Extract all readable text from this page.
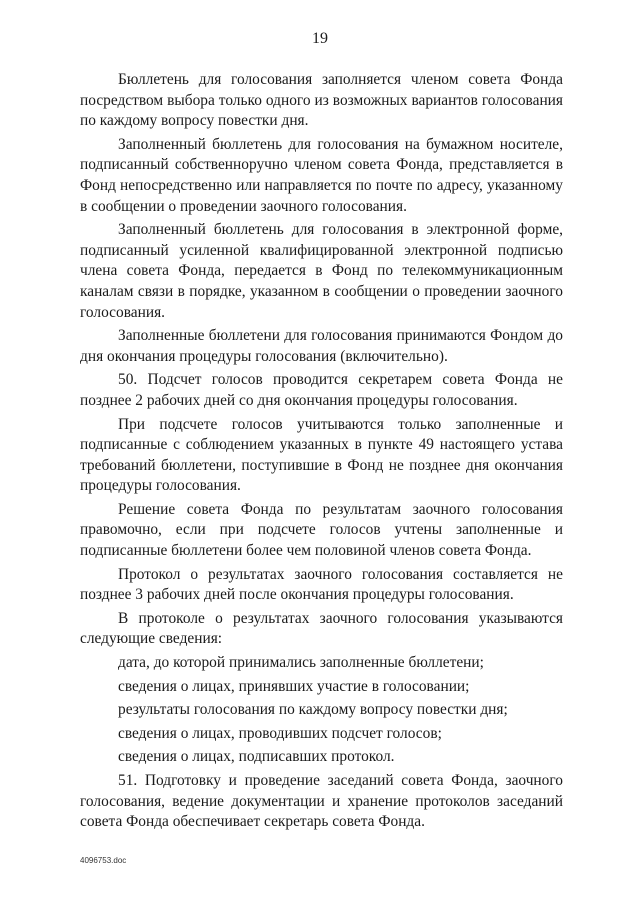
19

Бюллетень для голосования заполняется членом совета Фонда посредством выбора только одного из возможных вариантов голосования по каждому вопросу повестки дня.

Заполненный бюллетень для голосования на бумажном носителе, подписанный собственноручно членом совета Фонда, представляется в Фонд непосредственно или направляется по почте по адресу, указанному в сообщении о проведении заочного голосования.

Заполненный бюллетень для голосования в электронной форме, подписанный усиленной квалифицированной электронной подписью члена совета Фонда, передается в Фонд по телекоммуникационным каналам связи в порядке, указанном в сообщении о проведении заочного голосования.

Заполненные бюллетени для голосования принимаются Фондом до дня окончания процедуры голосования (включительно).

50. Подсчет голосов проводится секретарем совета Фонда не позднее 2 рабочих дней со дня окончания процедуры голосования.

При подсчете голосов учитываются только заполненные и подписанные с соблюдением указанных в пункте 49 настоящего устава требований бюллетени, поступившие в Фонд не позднее дня окончания процедуры голосования.

Решение совета Фонда по результатам заочного голосования правомочно, если при подсчете голосов учтены заполненные и подписанные бюллетени более чем половиной членов совета Фонда.

Протокол о результатах заочного голосования составляется не позднее 3 рабочих дней после окончания процедуры голосования.

В протоколе о результатах заочного голосования указываются следующие сведения:

дата, до которой принимались заполненные бюллетени;

сведения о лицах, принявших участие в голосовании;

результаты голосования по каждому вопросу повестки дня;

сведения о лицах, проводивших подсчет голосов;

сведения о лицах, подписавших протокол.

51. Подготовку и проведение заседаний совета Фонда, заочного голосования, ведение документации и хранение протоколов заседаний совета Фонда обеспечивает секретарь совета Фонда.

4096753.doc
